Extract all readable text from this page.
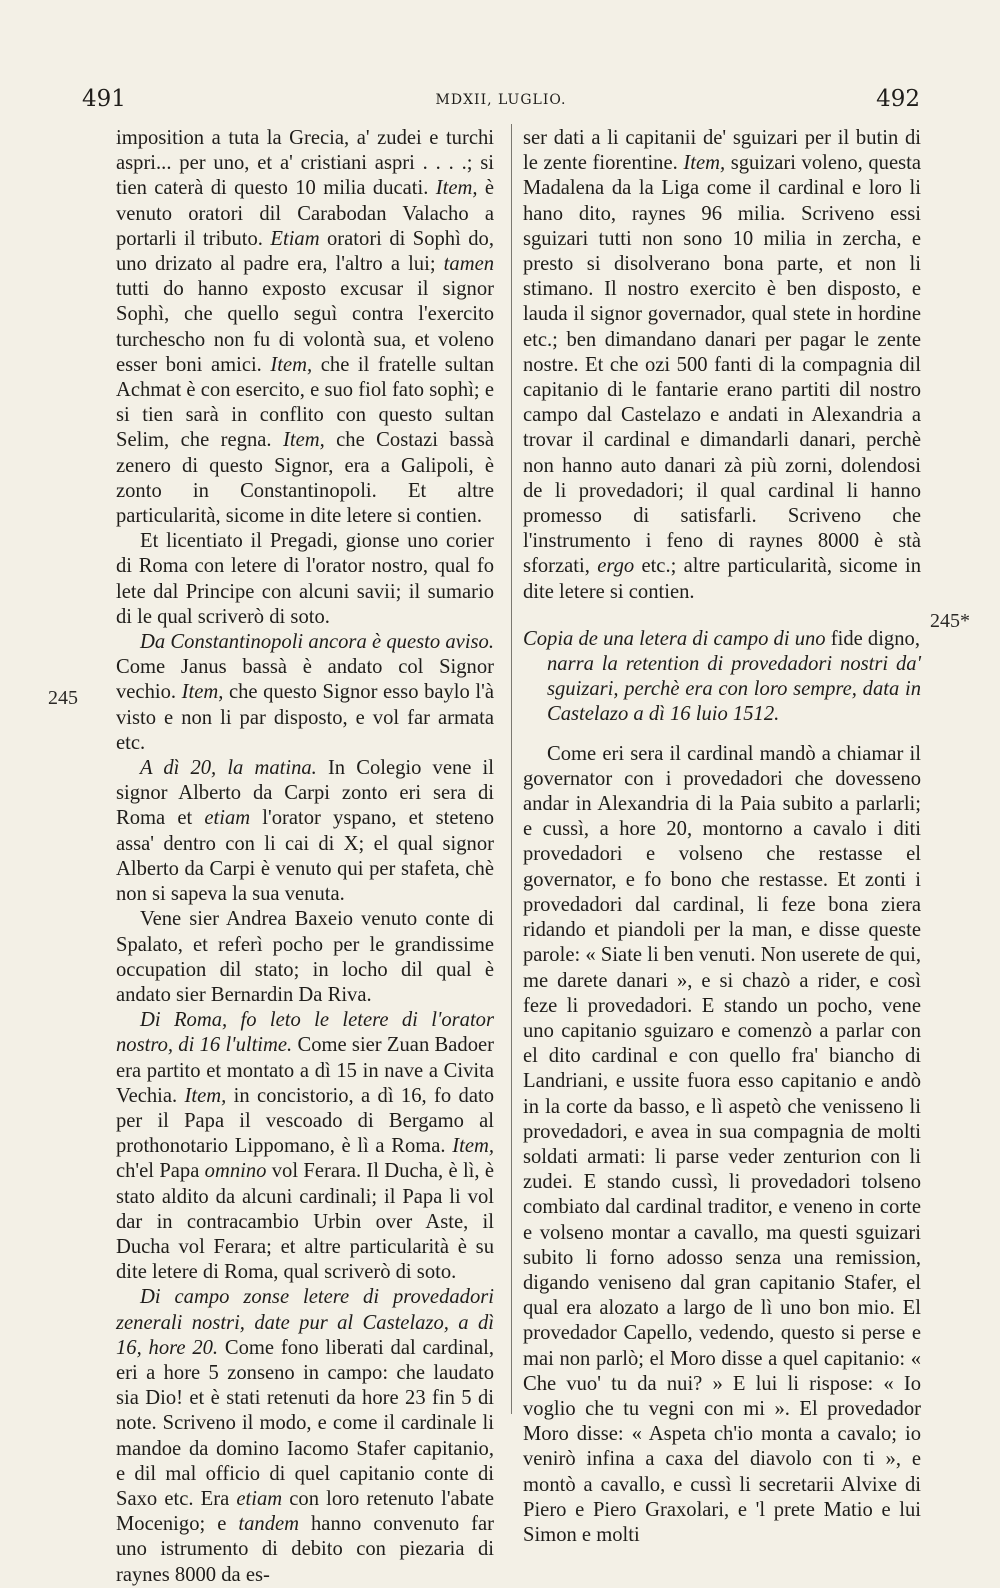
491	MDXII, LUGLIO.	492
245
245*

imposition a tuta la Grecia, a' zudei e turchi aspri... per uno, et a' cristiani aspri . . . .; si tien caterà di questo 10 milia ducati. Item, è venuto oratori dil Carabodan Valacho a portarli il tributo. Etiam oratori di Sophì do, uno drizato al padre era, l'altro a lui; tamen tutti do hanno exposto excusar il signor Sophì, che quello seguì contra l'exercito turchescho non fu di volontà sua, et voleno esser boni amici. Item, che il fratelle sultan Achmat è con esercito, e suo fiol fato sophì; e si tien sarà in conflito con questo sultan Selim, che regna. Item, che Costazi bassà zenero di questo Signor, era a Galipoli, è zonto in Constantinopoli. Et altre particularità, sicome in dite letere si contien.

Et licentiato il Pregadi, gionse uno corier di Roma con letere di l'orator nostro, qual fo lete dal Principe con alcuni savii; il sumario di le qual scriverò di soto.

Da Constantinopoli ancora è questo aviso. Come Janus bassà è andato col Signor vechio. Item, che questo Signor esso baylo l'à visto e non li par disposto, e vol far armata etc.

A dì 20, la matina. In Colegio vene il signor Alberto da Carpi zonto eri sera di Roma et etiam l'orator yspano, et steteno assa' dentro con li cai di X; el qual signor Alberto da Carpi è venuto qui per stafeta, chè non si sapeva la sua venuta.

Vene sier Andrea Baxeio venuto conte di Spalato, et referì pocho per le grandissime occupation dil stato; in locho dil qual è andato sier Bernardin Da Riva.

Di Roma, fo leto le letere di l'orator nostro, di 16 l'ultime. Come sier Zuan Badoer era partito et montato a dì 15 in nave a Civita Vechia. Item, in concistorio, a dì 16, fo dato per il Papa il vescoado di Bergamo al prothonotario Lippomano, è lì a Roma. Item, ch'el Papa omnino vol Ferara. Il Ducha, è lì, è stato aldito da alcuni cardinali; il Papa li vol dar in contracambio Urbin over Aste, il Ducha vol Ferara; et altre particularità è su dite letere di Roma, qual scriverò di soto.

Di campo zonse letere di provedadori zenerali nostri, date pur al Castelazo, a dì 16, hore 20. Come fono liberati dal cardinal, eri a hore 5 zonseno in campo: che laudato sia Dio! et è stati retenuti da hore 23 fin 5 di note. Scriveno il modo, e come il cardinale li mandoe da domino Iacomo Stafer capitanio, e dil mal officio di quel capitanio conte di Saxo etc. Era etiam con loro retenuto l'abate Mocenigo; e tandem hanno convenuto far uno istrumento di debito con piezaria di raynes 8000 da es-

ser dati a li capitanii de' sguizari per il butin di le zente fiorentine. Item, sguizari voleno, questa Madalena da la Liga come il cardinal e loro li hano dito, raynes 96 milia. Scriveno essi sguizari tutti non sono 10 milia in zercha, e presto si disolverano bona parte, et non li stimano. Il nostro exercito è ben disposto, e lauda il signor governador, qual stete in hordine etc.; ben dimandano danari per pagar le zente nostre. Et che ozi 500 fanti di la compagnia dil capitanio di le fantarie erano partiti dil nostro campo dal Castelazo e andati in Alexandria a trovar il cardinal e dimandarli danari, perchè non hanno auto danari zà più zorni, dolendosi de li provedadori; il qual cardinal li hanno promesso di satisfarli. Scriveno che l'instrumento i feno di raynes 8000 è stà sforzati, ergo etc.; altre particularità, sicome in dite letere si contien.

Copia de una letera di campo di uno fide digno,
narra la retention di provedadori nostri da' sguizari, perchè era con loro sempre, data in Castelazo a dì 16 luio 1512.

Come eri sera il cardinal mandò a chiamar il governator con i provedadori che dovesseno andar in Alexandria di la Paia subito a parlarli; e cussì, a hore 20, montorno a cavalo i diti provedadori e volseno che restasse el governator, e fo bono che restasse. Et zonti i provedadori dal cardinal, li feze bona ziera ridando et piandoli per la man, e disse queste parole: « Siate li ben venuti. Non userete de qui, me darete danari », e si chazò a rider, e così feze li provedadori. E stando un pocho, vene uno capitanio sguizaro e comenzò a parlar con el dito cardinal e con quello fra' biancho di Landriani, e ussite fuora esso capitanio e andò in la corte da basso, e lì aspetò che venisseno li provedadori, e avea in sua compagnia de molti soldati armati: li parse veder zenturion con li zudei. E stando cussì, li provedadori tolseno combiato dal cardinal traditor, e veneno in corte e volseno montar a cavallo, ma questi sguizari subito li forno adosso senza una remission, digando veniseno dal gran capitanio Stafer, el qual era alozato a largo de lì uno bon mio. El provedador Capello, vedendo, questo si perse e mai non parlò; el Moro disse a quel capitanio: « Che vuo' tu da nui? » E lui li rispose: « Io voglio che tu vegni con mi ». El provedador Moro disse: « Aspeta ch'io monta a cavalo; io venirò infina a caxa del diavolo con ti », e montò a cavallo, e cussì li secretarii Alvixe di Piero e Piero Graxolari, e 'l prete Matio e lui Simon e molti
